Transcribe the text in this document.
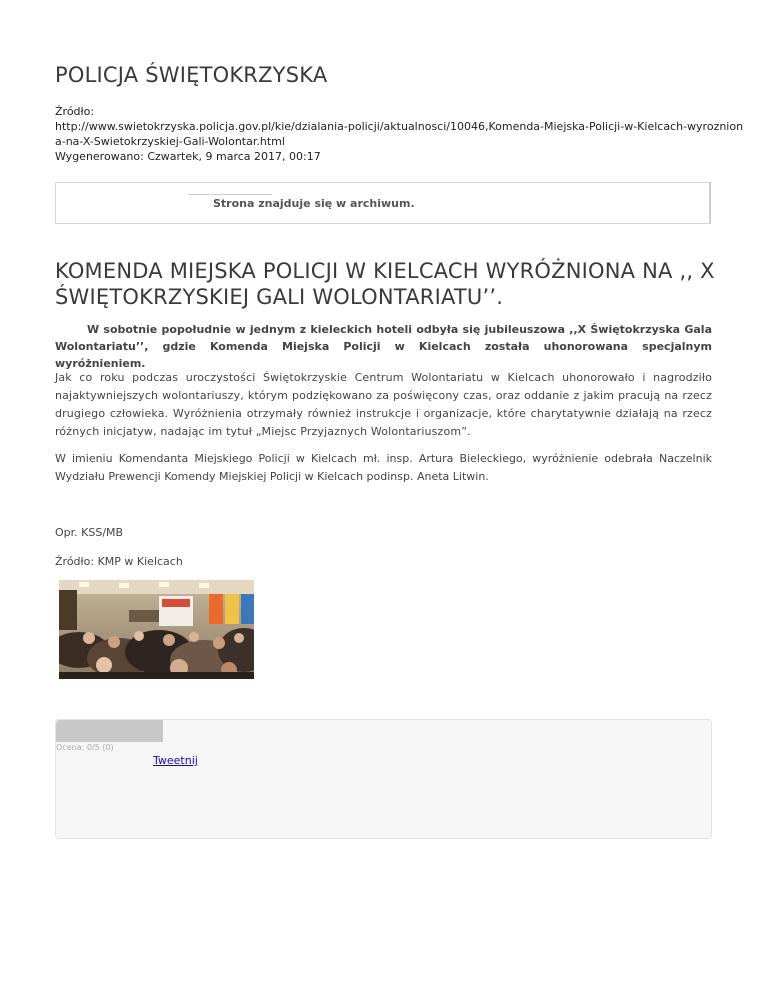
POLICJA ŚWIĘTOKRZYSKA
Źródło:
http://www.swietokrzyska.policja.gov.pl/kie/dzialania-policji/aktualnosci/10046,Komenda-Miejska-Policji-w-Kielcach-wyroznion
a-na-X-Swietokrzyskiej-Gali-Wolontar.html
Wygenerowano: Czwartek, 9 marca 2017, 00:17
Strona znajduje się w archiwum.
KOMENDA MIEJSKA POLICJI W KIELCACH WYRÓŻNIONA NA ,, X ŚWIĘTOKRZYSKIEJ GALI WOLONTARIATU’’.

W sobotnie popołudnie w jednym z kieleckich hoteli odbyła się jubileuszowa ,,X Świętokrzyska Gala Wolontariatu’’, gdzie Komenda Miejska Policji w Kielcach została uhonorowana specjalnym wyróżnieniem.

Jak co roku podczas uroczystości Świętokrzyskie Centrum Wolontariatu w Kielcach uhonorowało i nagrodziło najaktywniejszych wolontariuszy, którym podziękowano za poświęcony czas, oraz oddanie z jakim pracują na rzecz drugiego człowieka. Wyróżnienia otrzymały również instrukcje i organizacje, które charytatywnie działają na rzecz różnych inicjatyw, nadając im tytuł „Miejsc Przyjaznych Wolontariuszom”.

W imieniu Komendanta Miejskiego Policji w Kielcach mł. insp. Artura Bieleckiego, wyróżnienie odebrała Naczelnik Wydziału Prewencji Komendy Miejskiej Policji w Kielcach podinsp. Aneta Litwin.

Opr. KSS/MB

Źródło: KMP w Kielcach

Ocena: 0/5 (0)
Tweetnij
